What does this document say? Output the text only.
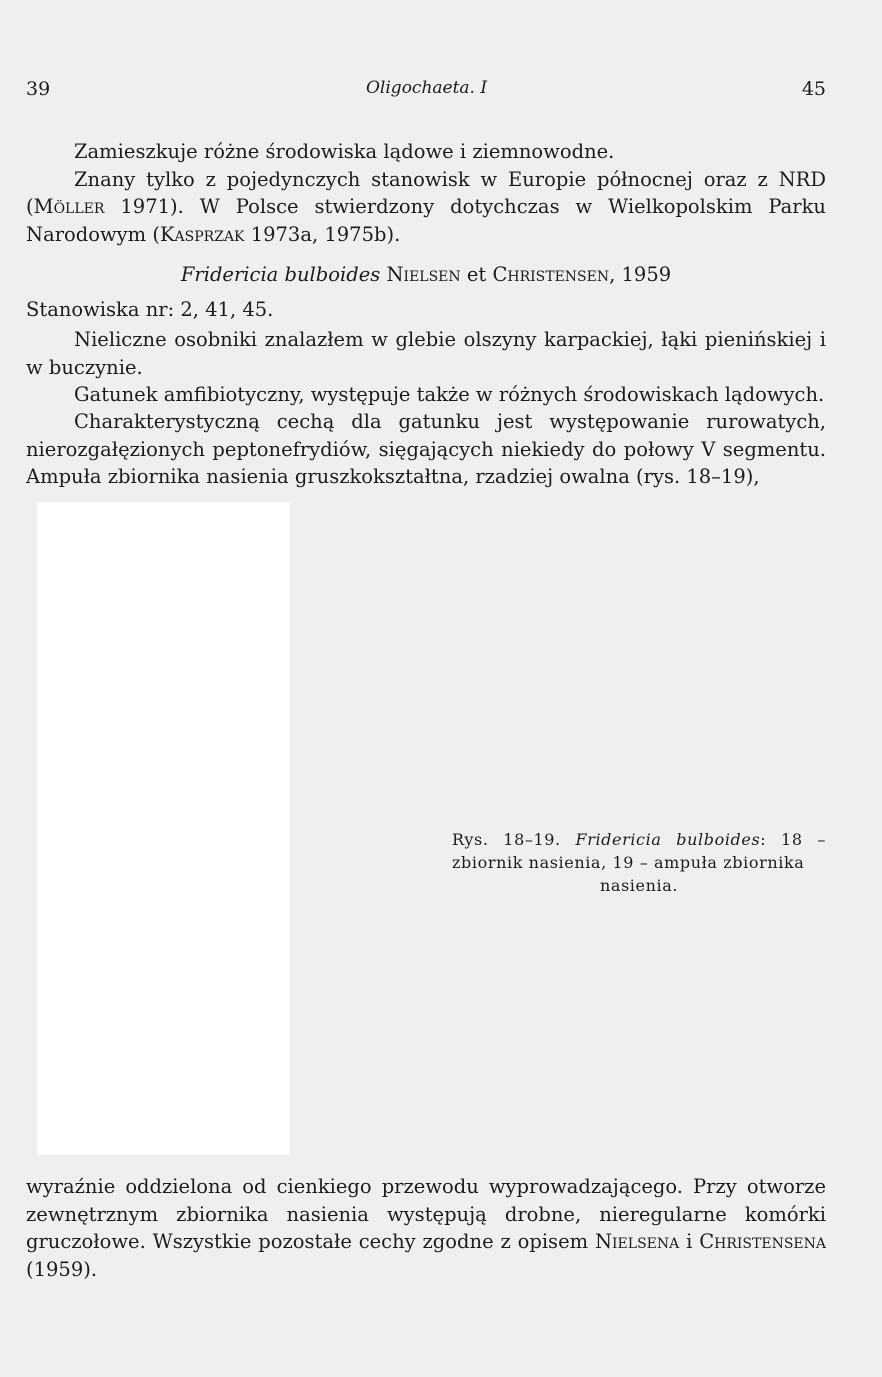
39	Oligochaeta. I	45
Zamieszkuje różne środowiska lądowe i ziemnowodne.
Znany tylko z pojedynczych stanowisk w Europie północnej oraz z NRD (Möller 1971). W Polsce stwierdzony dotychczas w Wielkopolskim Parku Narodowym (Kasprzak 1973a, 1975b).

Fridericia bulboides Nielsen et Christensen, 1959

Stanowiska nr: 2, 41, 45.

Nieliczne osobniki znalazłem w glebie olszyny karpackiej, łąki pienińskiej i w buczynie.

Gatunek amfibiotyczny, występuje także w różnych środowiskach lądowych.

Charakterystyczną cechą dla gatunku jest występowanie rurowatych, nierozgałęzionych peptonefrydiów, sięgających niekiedy do połowy V segmentu. Ampuła zbiornika nasienia gruszkokształtna, rzadziej owalna (rys. 18–19),

Rys. 18–19. Fridericia bulboides: 18 – zbiornik nasienia, 19 – ampuła zbiornika
nasienia.

wyraźnie oddzielona od cienkiego przewodu wyprowadzającego. Przy otworze zewnętrznym zbiornika nasienia występują drobne, nieregularne komórki gruczołowe. Wszystkie pozostałe cechy zgodne z opisem Nielsena i Christensena (1959).
